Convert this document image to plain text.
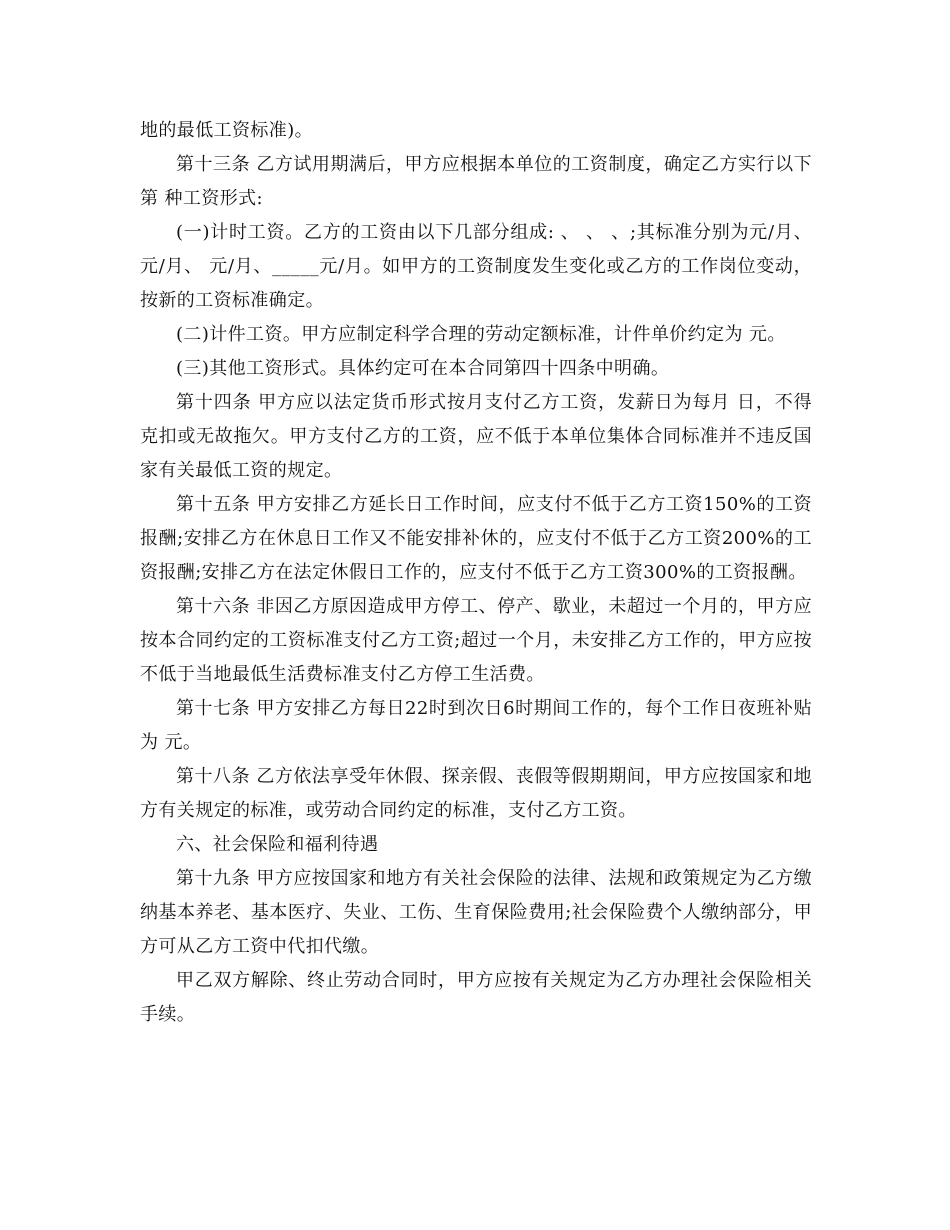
地的最低工资标准)。

第十三条 乙方试用期满后，甲方应根据本单位的工资制度，确定乙方实行以下第 种工资形式:

(一)计时工资。乙方的工资由以下几部分组成: 、 、 、;其标准分别为元/月、 元/月、 元/月、_____元/月。如甲方的工资制度发生变化或乙方的工作岗位变动，按新的工资标准确定。

(二)计件工资。甲方应制定科学合理的劳动定额标准，计件单价约定为 元。

(三)其他工资形式。具体约定可在本合同第四十四条中明确。

第十四条 甲方应以法定货币形式按月支付乙方工资，发薪日为每月 日，不得克扣或无故拖欠。甲方支付乙方的工资，应不低于本单位集体合同标准并不违反国家有关最低工资的规定。

第十五条 甲方安排乙方延长日工作时间，应支付不低于乙方工资150%的工资报酬;安排乙方在休息日工作又不能安排补休的，应支付不低于乙方工资200%的工资报酬;安排乙方在法定休假日工作的，应支付不低于乙方工资300%的工资报酬。

第十六条 非因乙方原因造成甲方停工、停产、歇业，未超过一个月的，甲方应按本合同约定的工资标准支付乙方工资;超过一个月，未安排乙方工作的，甲方应按不低于当地最低生活费标准支付乙方停工生活费。

第十七条 甲方安排乙方每日22时到次日6时期间工作的，每个工作日夜班补贴为 元。

第十八条 乙方依法享受年休假、探亲假、丧假等假期期间，甲方应按国家和地方有关规定的标准，或劳动合同约定的标准，支付乙方工资。

六、社会保险和福利待遇

第十九条 甲方应按国家和地方有关社会保险的法律、法规和政策规定为乙方缴纳基本养老、基本医疗、失业、工伤、生育保险费用;社会保险费个人缴纳部分，甲方可从乙方工资中代扣代缴。

甲乙双方解除、终止劳动合同时，甲方应按有关规定为乙方办理社会保险相关手续。
